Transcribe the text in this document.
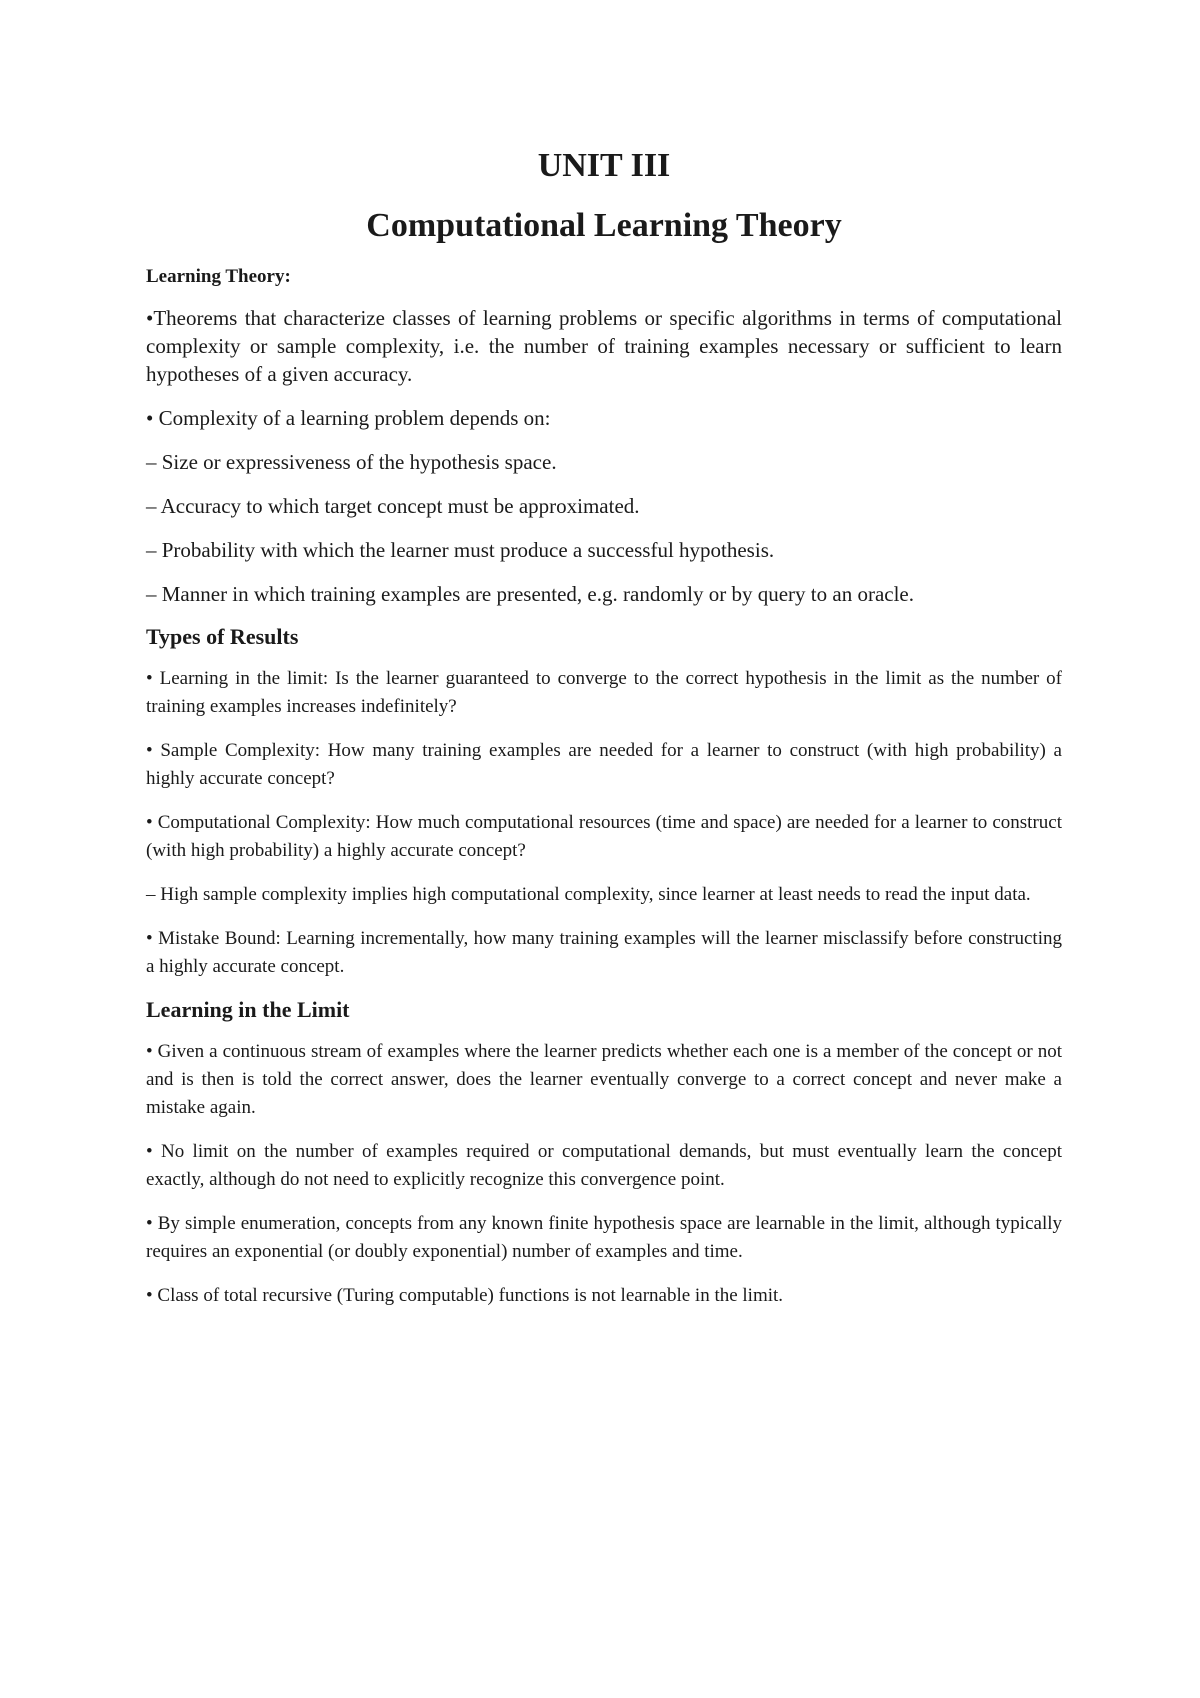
UNIT III
Computational Learning Theory
Learning Theory:

•Theorems that characterize classes of learning problems or specific algorithms in terms of computational complexity or sample complexity, i.e. the number of training examples necessary or sufficient to learn hypotheses of a given accuracy.

• Complexity of a learning problem depends on:

– Size or expressiveness of the hypothesis space.

– Accuracy to which target concept must be approximated.

– Probability with which the learner must produce a successful hypothesis.

– Manner in which training examples are presented, e.g. randomly or by query to an oracle.

Types of Results

• Learning in the limit: Is the learner guaranteed to converge to the correct hypothesis in the limit as the number of training examples increases indefinitely?

• Sample Complexity: How many training examples are needed for a learner to construct (with high probability) a highly accurate concept?

• Computational Complexity: How much computational resources (time and space) are needed for a learner to construct (with high probability) a highly accurate concept?

– High sample complexity implies high computational complexity, since learner at least needs to read the input data.

• Mistake Bound: Learning incrementally, how many training examples will the learner misclassify before constructing a highly accurate concept.

Learning in the Limit

• Given a continuous stream of examples where the learner predicts whether each one is a member of the concept or not and is then is told the correct answer, does the learner eventually converge to a correct concept and never make a mistake again.

• No limit on the number of examples required or computational demands, but must eventually learn the concept exactly, although do not need to explicitly recognize this convergence point.

• By simple enumeration, concepts from any known finite hypothesis space are learnable in the limit, although typically requires an exponential (or doubly exponential) number of examples and time.

• Class of total recursive (Turing computable) functions is not learnable in the limit.
